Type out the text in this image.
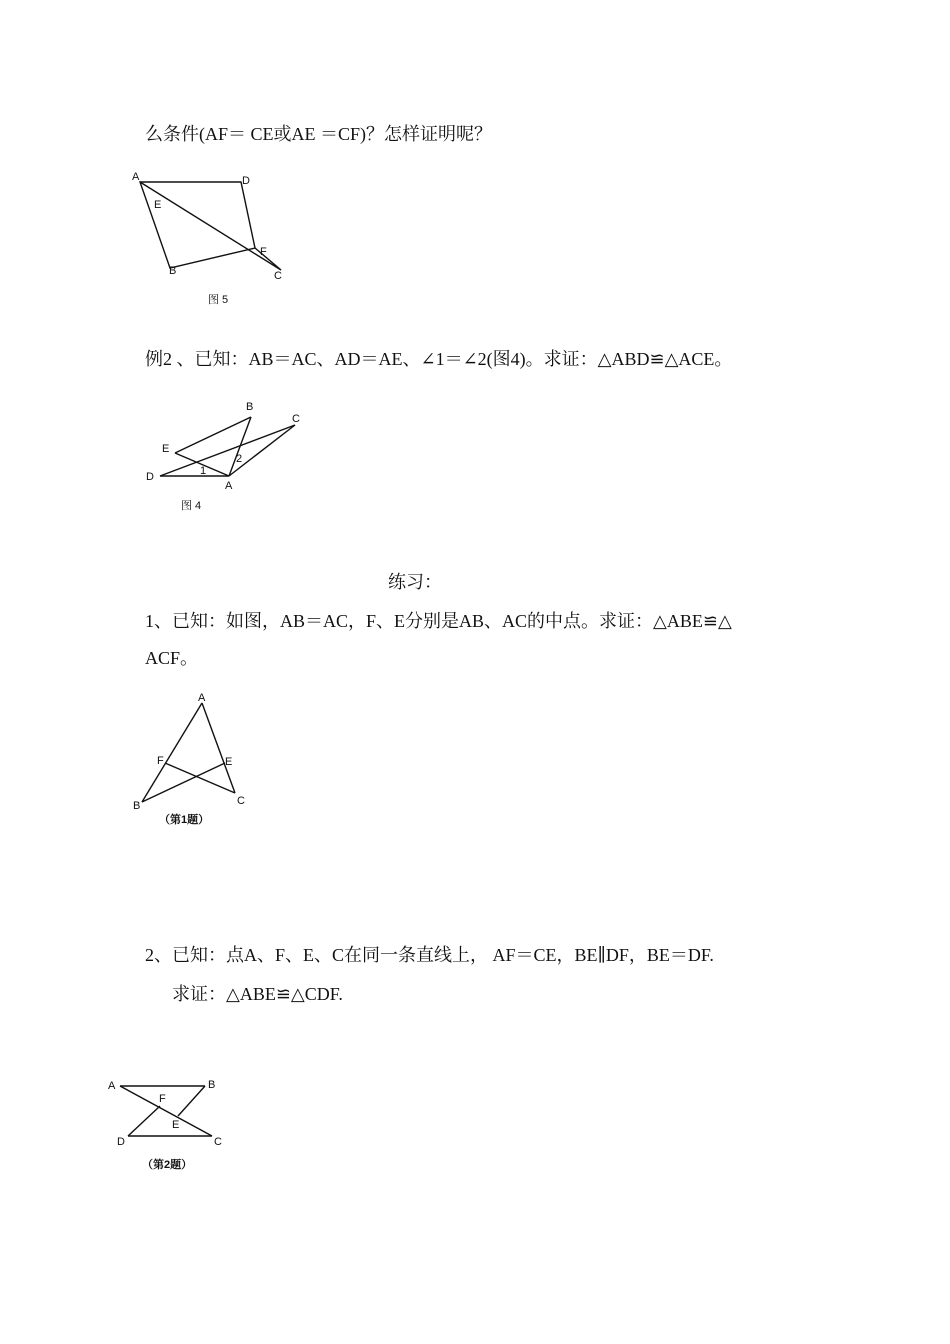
么条件(AF＝ CE或AE ＝CF)？怎样证明呢？
A	D
E
F
B	C
图 5
例2 、已知：AB＝AC、AD＝AE、∠1＝∠2(图4)。求证：△ABD≌△ACE。
B
C
E
D
A
1
2
图 4
练习：
1、已知：如图，AB＝AC，F、E分别是AB、AC的中点。求证：△ABE≌△
ACF。
A
F	E
B	C
（第1题）
2、已知：点A、F、E、C在同一条直线上， AF＝CE，BE∥DF，BE＝DF.
求证：△ABE≌△CDF.
A	B
F
E
D	C
（第2题）
